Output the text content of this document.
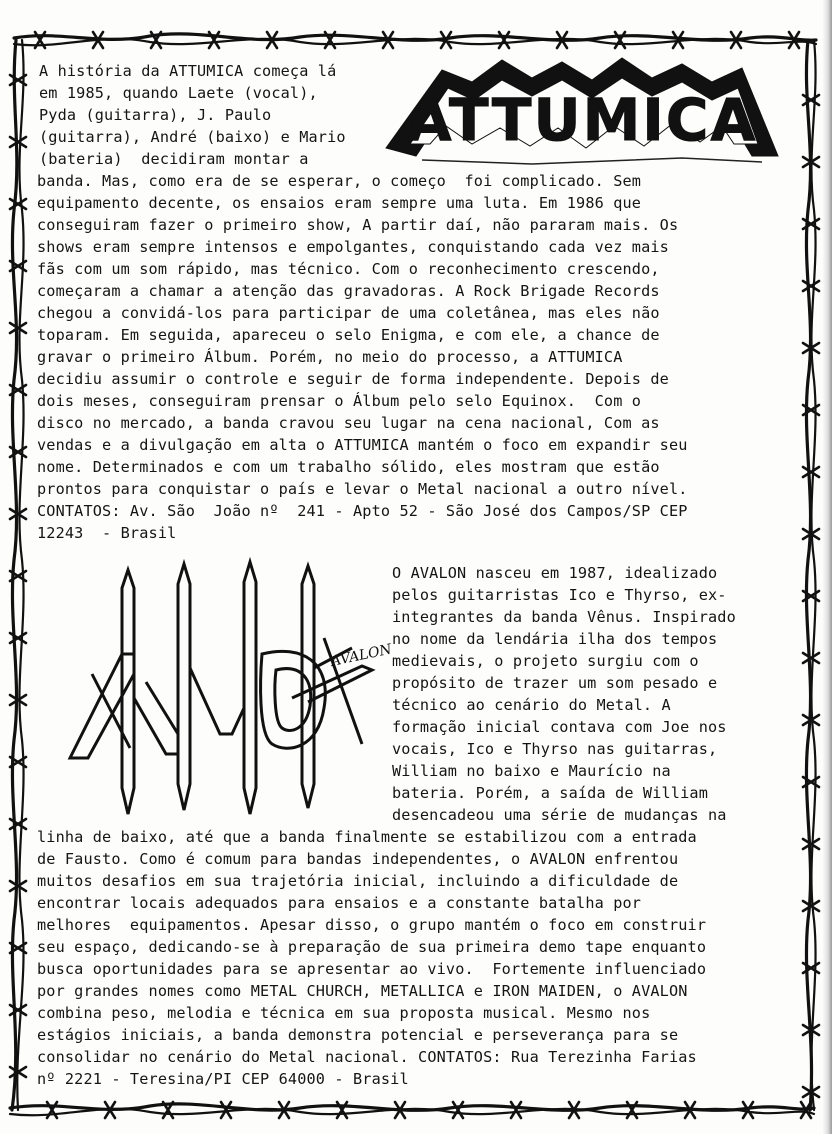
ATTUMICA
AVALON
A história da ATTUMICA começa lá
em 1985, quando Laete (vocal),
Pyda (guitarra), J. Paulo
(guitarra), André (baixo) e Mario
(bateria)  decidiram montar a
banda. Mas, como era de se esperar, o começo  foi complicado. Sem
equipamento decente, os ensaios eram sempre uma luta. Em 1986 que
conseguiram fazer o primeiro show, A partir daí, não pararam mais. Os
shows eram sempre intensos e empolgantes, conquistando cada vez mais
fãs com um som rápido, mas técnico. Com o reconhecimento crescendo,
começaram a chamar a atenção das gravadoras. A Rock Brigade Records
chegou a convidá-los para participar de uma coletânea, mas eles não
toparam. Em seguida, apareceu o selo Enigma, e com ele, a chance de
gravar o primeiro Álbum. Porém, no meio do processo, a ATTUMICA
decidiu assumir o controle e seguir de forma independente. Depois de
dois meses, conseguiram prensar o Álbum pelo selo Equinox.  Com o
disco no mercado, a banda cravou seu lugar na cena nacional, Com as
vendas e a divulgação em alta o ATTUMICA mantém o foco em expandir seu
nome. Determinados e com um trabalho sólido, eles mostram que estão
prontos para conquistar o país e levar o Metal nacional a outro nível.
CONTATOS: Av. São  João nº  241 - Apto 52 - São José dos Campos/SP CEP
12243  - Brasil
O AVALON nasceu em 1987, idealizado
pelos guitarristas Ico e Thyrso, ex-
integrantes da banda Vênus. Inspirado
no nome da lendária ilha dos tempos
medievais, o projeto surgiu com o
propósito de trazer um som pesado e
técnico ao cenário do Metal. A
formação inicial contava com Joe nos
vocais, Ico e Thyrso nas guitarras,
William no baixo e Maurício na
bateria. Porém, a saída de William
desencadeou uma série de mudanças na
linha de baixo, até que a banda finalmente se estabilizou com a entrada
de Fausto. Como é comum para bandas independentes, o AVALON enfrentou
muitos desafios em sua trajetória inicial, incluindo a dificuldade de
encontrar locais adequados para ensaios e a constante batalha por
melhores  equipamentos. Apesar disso, o grupo mantém o foco em construir
seu espaço, dedicando-se à preparação de sua primeira demo tape enquanto
busca oportunidades para se apresentar ao vivo.  Fortemente influenciado
por grandes nomes como METAL CHURCH, METALLICA e IRON MAIDEN, o AVALON
combina peso, melodia e técnica em sua proposta musical. Mesmo nos
estágios iniciais, a banda demonstra potencial e perseverança para se
consolidar no cenário do Metal nacional. CONTATOS: Rua Terezinha Farias
nº 2221 - Teresina/PI CEP 64000 - Brasil
